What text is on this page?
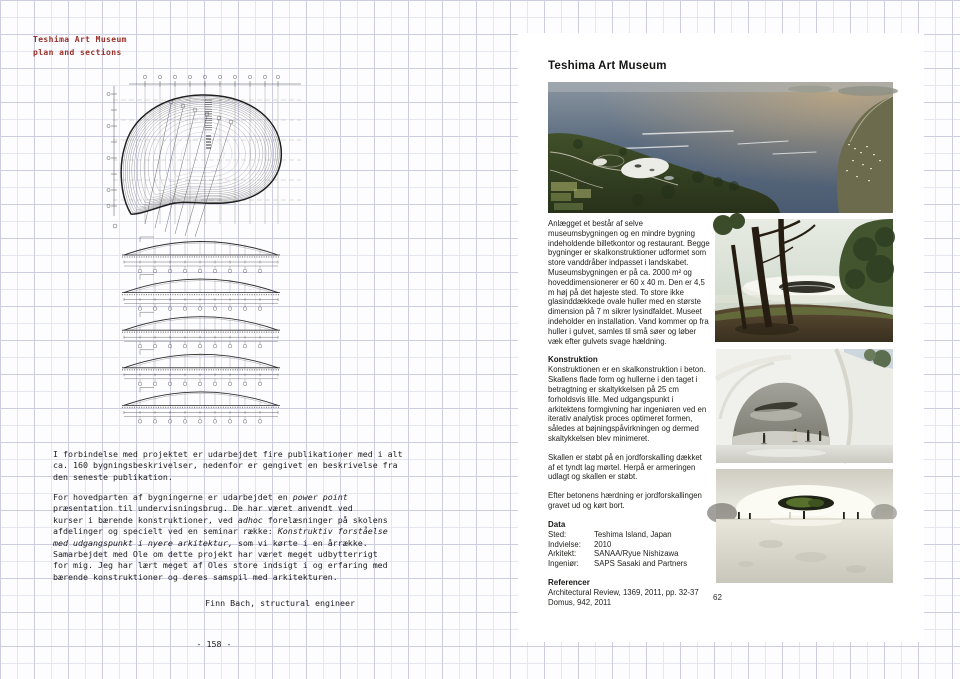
Teshima Art Museum
plan and sections
I forbindelse med projektet er udarbejdet fire publikationer med i alt
ca. 160 bygningsbeskrivelser, nedenfor er gengivet en beskrivelse fra
den seneste publikation.
For hovedparten af bygningerne er udarbejdet en power point
præsentation til undervisningsbrug. De har været anvendt ved
kurser i bærende konstruktioner, ved adhoc forelæsninger på skolens
afdelinger og specielt ved en seminar række: Konstruktiv forståelse
med udgangspunkt i nyere arkitektur, som vi kørte i en årrække.
Samarbejdet med Ole om dette projekt har været meget udbytterrigt
for mig. Jeg har lært meget af Oles store indsigt i og erfaring med
bærende konstruktioner og deres samspil med arkitekturen.
Finn Bach, structural engineer
- 158 -
Teshima Art Museum

Anlægget et består af selve museumsbygningen og en mindre bygning indeholdende billetkontor og restaurant. Begge bygninger er skalkonstruktioner udformet som store vanddråber indpasset i landskabet. Museumsbygningen er på ca. 2000 m² og hoveddimensionerer er 60 x 40 m. Den er 4,5 m høj på det højeste sted. To store ikke glasinddækkede ovale huller med en største dimension på 7 m sikrer lysindfaldet. Museet indeholder en installation. Vand kommer op fra huller i gulvet, samles til små søer og løber væk efter gulvets svage hældning.

Konstruktion

Konstruktionen er en skalkonstruktion i beton. Skallens flade form og hullerne i den taget i betragtning er skaltykkelsen på 25 cm forholdsvis lille. Med udgangspunkt i arkitektens formgivning har ingeniøren ved en iterativ analytisk proces optimeret formen, således at bøjningspåvirkningen og dermed skaltykkelsen blev minimeret.

Skallen er støbt på en jordforskalling dækket af et tyndt lag mørtel. Herpå er armeringen udlagt og skallen er støbt.

Efter betonens hærdning er jordforskallingen gravet ud og kørt bort.

Data
Sted:	Teshima Island, Japan
Indvielse:	2010
Arkitekt:	SANAA/Ryue Nishizawa
Ingeniør:	SAPS Sasaki and Partners
Referencer
Architectural Review, 1369, 2011, pp. 32-37
Domus, 942, 2011
62
